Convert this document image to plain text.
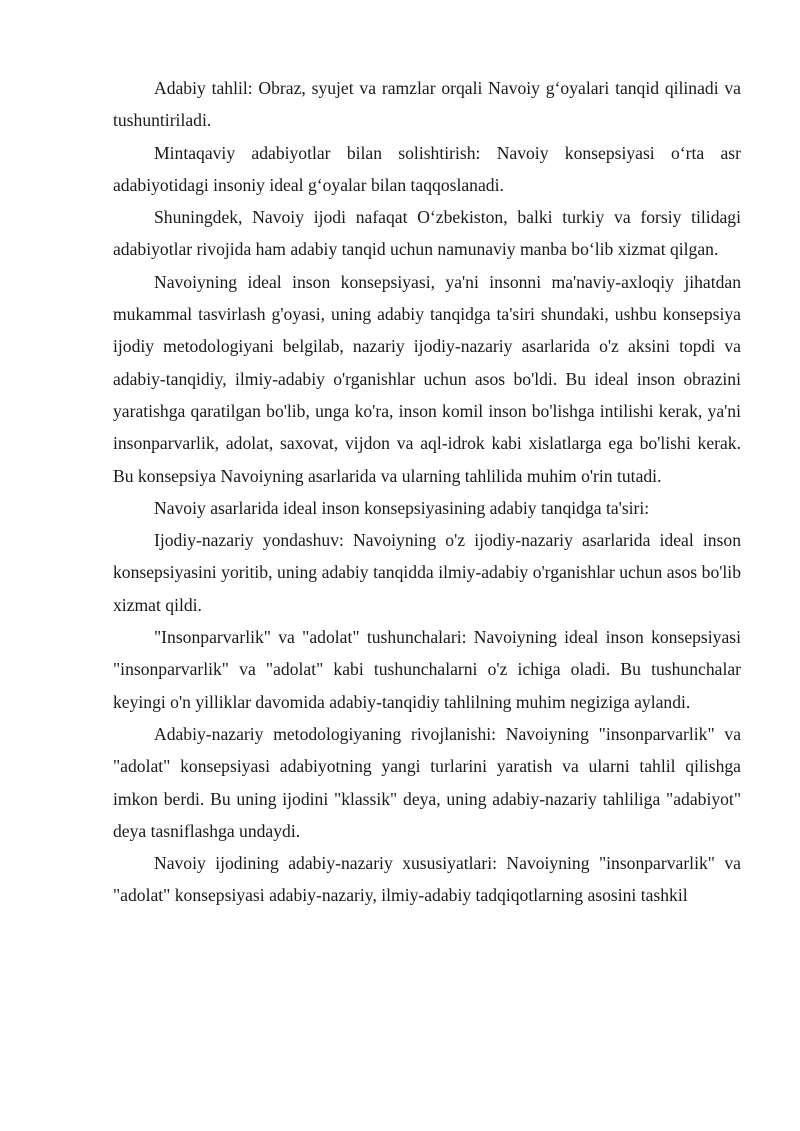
Adabiy tahlil: Obraz, syujet va ramzlar orqali Navoiy g‘oyalari tanqid qilinadi va tushuntiriladi.

Mintaqaviy adabiyotlar bilan solishtirish: Navoiy konsepsiyasi o‘rta asr adabiyotidagi insoniy ideal g‘oyalar bilan taqqoslanadi.

Shuningdek, Navoiy ijodi nafaqat O‘zbekiston, balki turkiy va forsiy tilidagi adabiyotlar rivojida ham adabiy tanqid uchun namunaviy manba bo‘lib xizmat qilgan.

Navoiyning ideal inson konsepsiyasi, ya'ni insonni ma'naviy-axloqiy jihatdan mukammal tasvirlash g'oyasi, uning adabiy tanqidga ta'siri shundaki, ushbu konsepsiya ijodiy metodologiyani belgilab, nazariy ijodiy-nazariy asarlarida o'z aksini topdi va adabiy-tanqidiy, ilmiy-adabiy o'rganishlar uchun asos bo'ldi. Bu ideal inson obrazini yaratishga qaratilgan bo'lib, unga ko'ra, inson komil inson bo'lishga intilishi kerak, ya'ni insonparvarlik, adolat, saxovat, vijdon va aql-idrok kabi xislatlarga ega bo'lishi kerak. Bu konsepsiya Navoiyning asarlarida va ularning tahlilida muhim o'rin tutadi.

Navoiy asarlarida ideal inson konsepsiyasining adabiy tanqidga ta'siri:

Ijodiy-nazariy yondashuv: Navoiyning o'z ijodiy-nazariy asarlarida ideal inson konsepsiyasini yoritib, uning adabiy tanqidda ilmiy-adabiy o'rganishlar uchun asos bo'lib xizmat qildi.

"Insonparvarlik" va "adolat" tushunchalari: Navoiyning ideal inson konsepsiyasi "insonparvarlik" va "adolat" kabi tushunchalarni o'z ichiga oladi. Bu tushunchalar keyingi o'n yilliklar davomida adabiy-tanqidiy tahlilning muhim negiziga aylandi.

Adabiy-nazariy metodologiyaning rivojlanishi: Navoiyning "insonparvarlik" va "adolat" konsepsiyasi adabiyotning yangi turlarini yaratish va ularni tahlil qilishga imkon berdi. Bu uning ijodini "klassik" deya, uning adabiy-nazariy tahliliga "adabiyot" deya tasniflashga undaydi.

Navoiy ijodining adabiy-nazariy xususiyatlari: Navoiyning "insonparvarlik" va "adolat" konsepsiyasi adabiy-nazariy, ilmiy-adabiy tadqiqotlarning asosini tashkil
